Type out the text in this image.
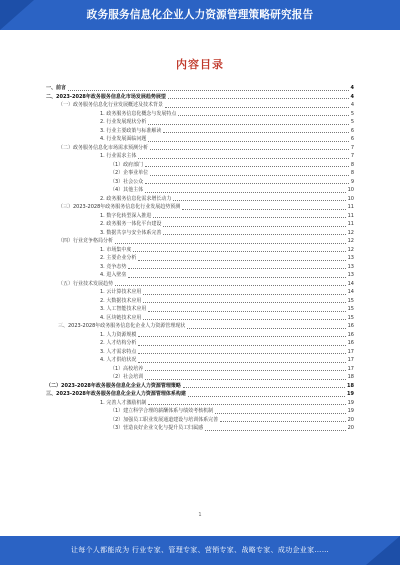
政务服务信息化企业人力资源管理策略研究报告
内容目录
一、前言	4
二、2023-2028年政务服务信息化市场发展趋势展望	4
（一）政务服务信息化行业发展概述及技术背景	4
1. 政务服务信息化概念与发展特点	5
2. 行业发展现状分析	5
3. 行业主要政策与标准解读	6
4. 行业发展面临问题	6
（二）政务服务信息化市场需求预测分析	7
1. 行业需求主体	7
（1）政府部门	8
（2）企事业单位	8
（3）社会公众	9
（4）其他主体	10
2. 政务服务信息化需求增长动力	10
（三）2023-2028年政务服务信息化行业发展趋势预测	11
1. 数字化转型深入推进	11
2. 政务服务一体化平台建设	11
3. 数据共享与安全体系完善	12
（四）行业竞争格局分析	12
1. 市场集中度	12
2. 主要企业分析	13
3. 竞争态势	13
4. 进入壁垒	13
（五）行业技术发展趋势	14
1. 云计算技术应用	14
2. 大数据技术应用	15
3. 人工智能技术应用	15
4. 区块链技术应用	15
三、2023-2028年政务服务信息化企业人力资源管理现状	16
1. 人力资源规模	16
2. 人才结构分析	16
3. 人才需求特点	17
4. 人才供给状况	17
（1）高校培养	17
（2）社会培训	18
（二）2023-2028年政务服务信息化企业人力资源管理策略	18
三、2023-2028年政务服务信息化企业人力资源管理体系构建	19
1. 完善人才激励机制	19
（1）建立科学合理的薪酬体系与绩效考核机制	19
（2）加强员工职业发展通道建设与培训体系完善	20
（3）营造良好企业文化与提升员工归属感	20
1
让每个人都能成为 行业专家、管理专家、营销专家、战略专家、成功企业家……
